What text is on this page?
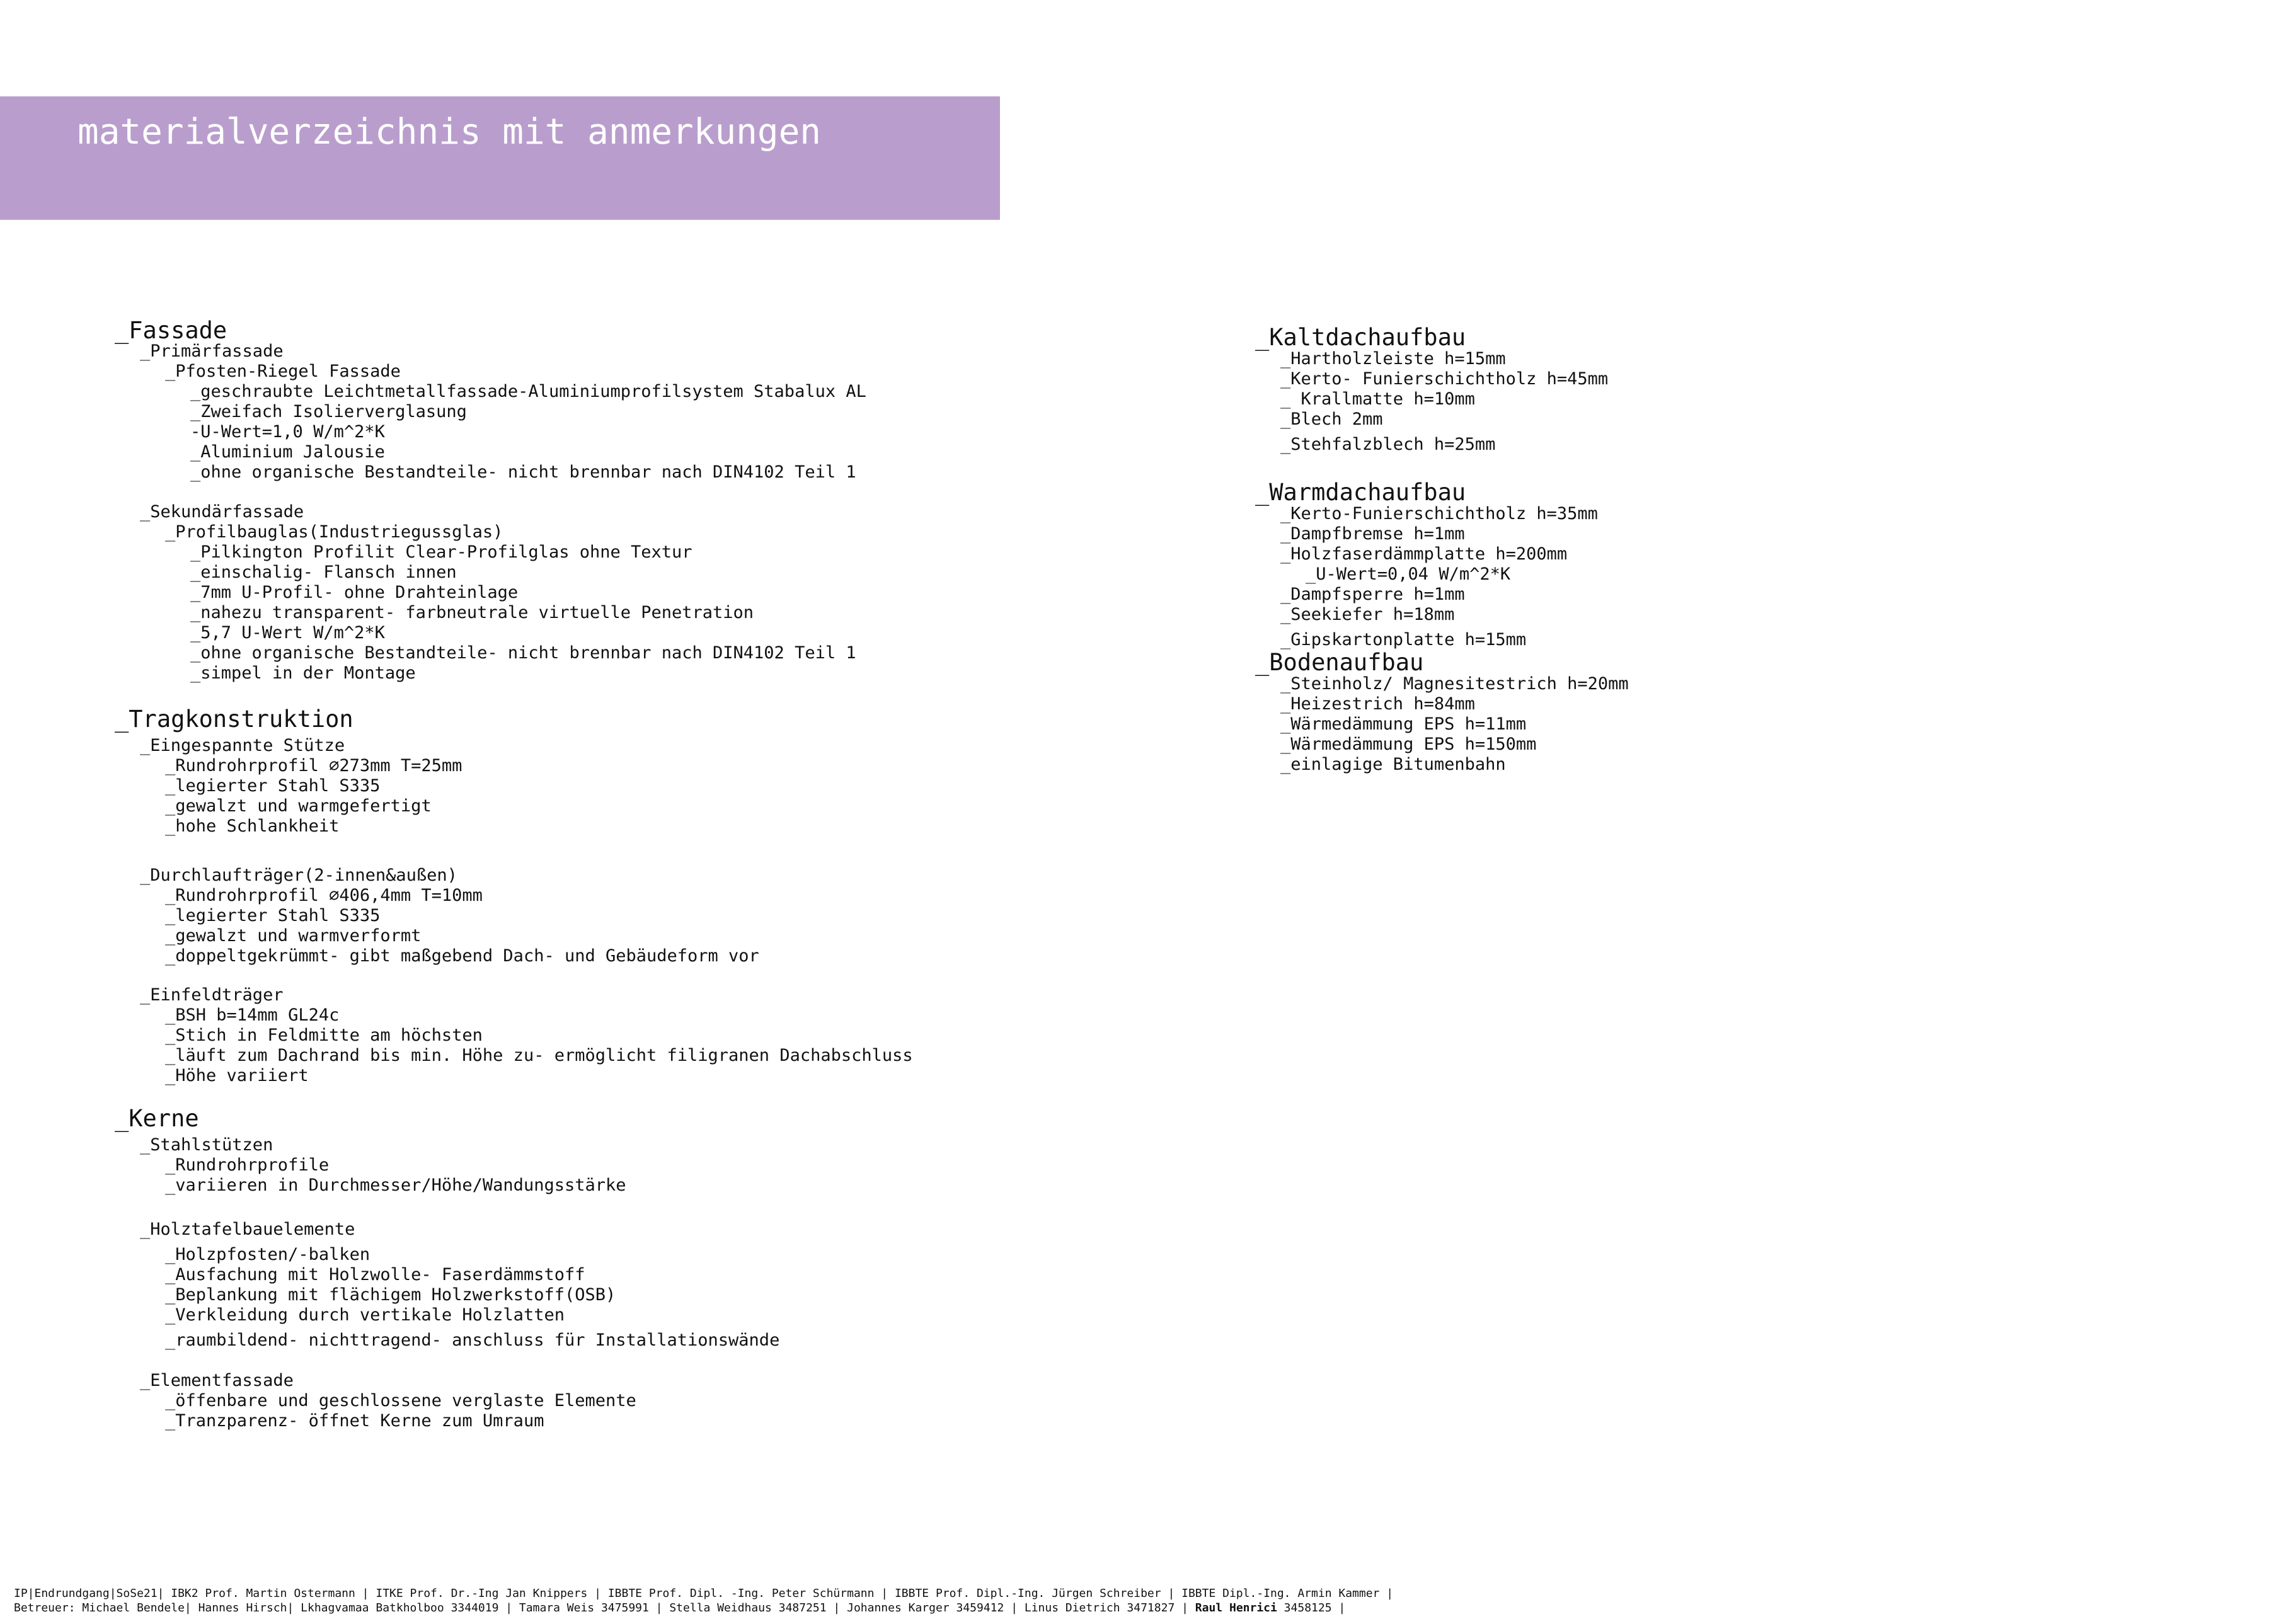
materialverzeichnis mit anmerkungen
_Fassade
_Primärfassade
_Pfosten-Riegel Fassade
_geschraubte Leichtmetallfassade-Aluminiumprofilsystem Stabalux AL
_Zweifach Isolierverglasung
-U-Wert=1,0 W/m^2*K
_Aluminium Jalousie
_ohne organische Bestandteile- nicht brennbar nach DIN4102 Teil 1
_Sekundärfassade
_Profilbauglas(Industriegussglas)
_Pilkington Profilit Clear-Profilglas ohne Textur
_einschalig- Flansch innen
_7mm U-Profil- ohne Drahteinlage
_nahezu transparent- farbneutrale virtuelle Penetration
_5,7 U-Wert W/m^2*K
_ohne organische Bestandteile- nicht brennbar nach DIN4102 Teil 1
_simpel in der Montage
_Tragkonstruktion
_Eingespannte Stütze
_Rundrohrprofil ⌀273mm T=25mm
_legierter Stahl S335
_gewalzt und warmgefertigt
_hohe Schlankheit
_Durchlaufträger(2-innen&außen)
_Rundrohrprofil ⌀406,4mm T=10mm
_legierter Stahl S335
_gewalzt und warmverformt
_doppeltgekrümmt- gibt maßgebend Dach- und Gebäudeform vor
_Einfeldträger
_BSH b=14mm GL24c
_Stich in Feldmitte am höchsten
_läuft zum Dachrand bis min. Höhe zu- ermöglicht filigranen Dachabschluss
_Höhe variiert
_Kerne
_Stahlstützen
_Rundrohrprofile
_variieren in Durchmesser/Höhe/Wandungsstärke
_Holztafelbauelemente
_Holzpfosten/-balken
_Ausfachung mit Holzwolle- Faserdämmstoff
_Beplankung mit flächigem Holzwerkstoff(OSB)
_Verkleidung durch vertikale Holzlatten
_raumbildend- nichttragend- anschluss für Installationswände
_Elementfassade
_öffenbare und geschlossene verglaste Elemente
_Tranzparenz- öffnet Kerne zum Umraum
_Kaltdachaufbau
_Hartholzleiste h=15mm
_Kerto- Funierschichtholz h=45mm
_ Krallmatte h=10mm
_Blech 2mm
_Stehfalzblech h=25mm
_Warmdachaufbau
_Kerto-Funierschichtholz h=35mm
_Dampfbremse h=1mm
_Holzfaserdämmplatte h=200mm
_U-Wert=0,04 W/m^2*K
_Dampfsperre h=1mm
_Seekiefer h=18mm
_Gipskartonplatte h=15mm
_Bodenaufbau
_Steinholz/ Magnesitestrich h=20mm
_Heizestrich h=84mm
_Wärmedämmung EPS h=11mm
_Wärmedämmung EPS h=150mm
_einlagige Bitumenbahn
IP|Endrundgang|SoSe21| IBK2 Prof. Martin Ostermann | ITKE Prof. Dr.-Ing Jan Knippers | IBBTE Prof. Dipl. -Ing. Peter Schürmann | IBBTE Prof. Dipl.-Ing. Jürgen Schreiber | IBBTE Dipl.-Ing. Armin Kammer |
Betreuer: Michael Bendele| Hannes Hirsch| Lkhagvamaa Batkholboo 3344019 | Tamara Weis 3475991 | Stella Weidhaus 3487251 | Johannes Karger 3459412 | Linus Dietrich 3471827 | Raul Henrici 3458125 |
